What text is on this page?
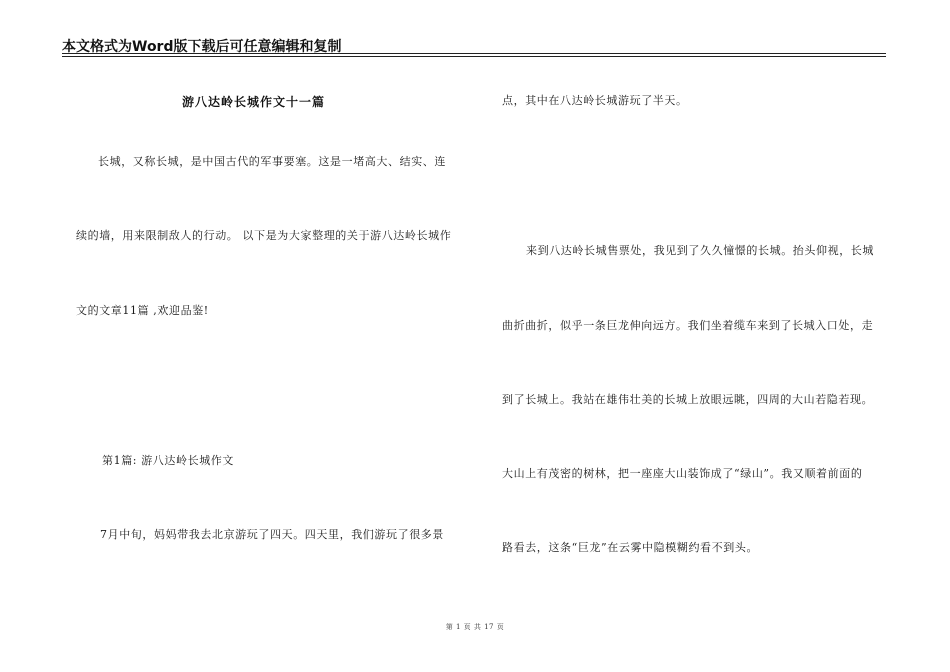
本文格式为Word版下载后可任意编辑和复制
游八达岭长城作文十一篇
长城，又称长城，是中国古代的军事要塞。这是一堵高大、结实、连
续的墙，用来限制敌人的行动。 以下是为大家整理的关于游八达岭长城作
文的文章11篇 ,欢迎品鉴!
第1篇: 游八达岭长城作文
7月中旬，妈妈带我去北京游玩了四天。四天里，我们游玩了很多景
点，其中在八达岭长城游玩了半天。
来到八达岭长城售票处，我见到了久久憧憬的长城。抬头仰视，长城
曲折曲折，似乎一条巨龙伸向远方。我们坐着缆车来到了长城入口处，走
到了长城上。我站在雄伟壮美的长城上放眼远眺，四周的大山若隐若现。
大山上有茂密的树林，把一座座大山装饰成了“绿山”。我又顺着前面的
路看去，这条“巨龙”在云雾中隐模糊约看不到头。
第 1 页 共 17 页
